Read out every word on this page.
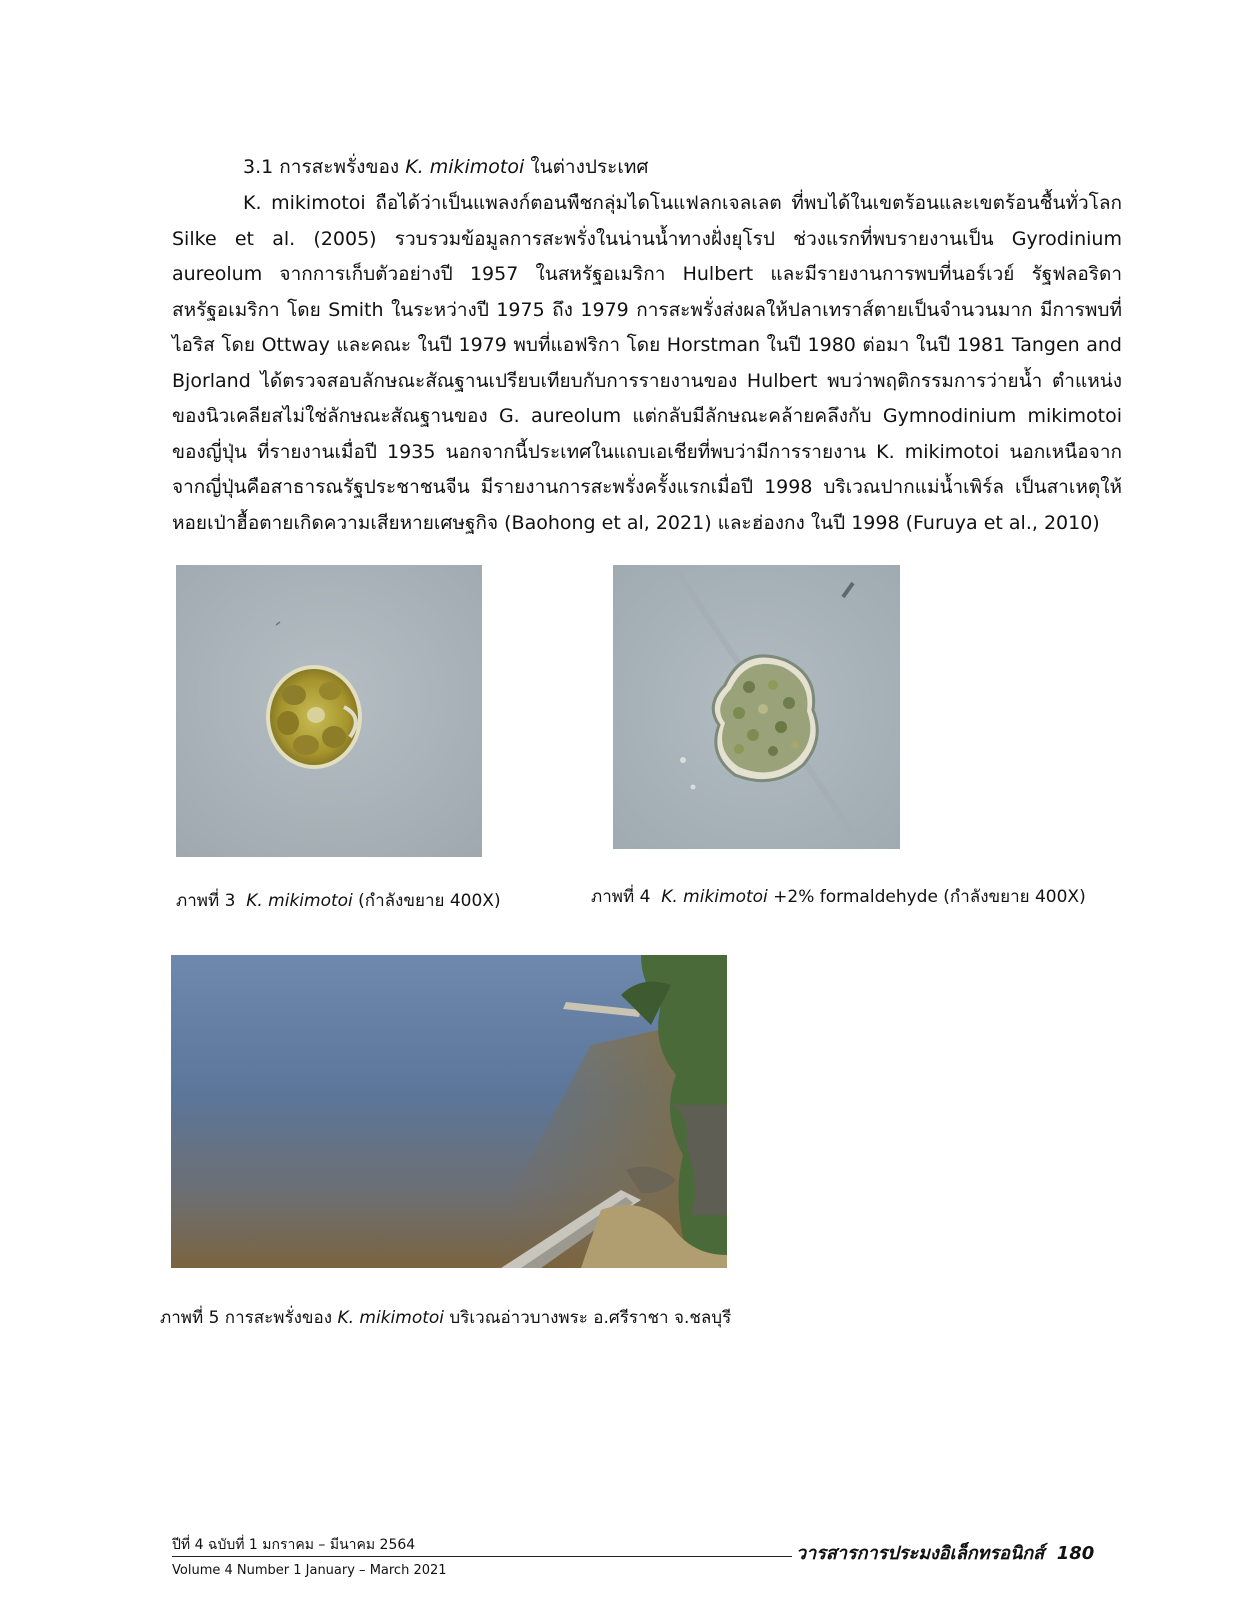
3.1 การสะพรั่งของ K. mikimotoi ในต่างประเทศ
K. mikimotoi ถือได้ว่าเป็นแพลงก์ตอนพืชกลุ่มไดโนแฟลกเจลเลต ที่พบได้ในเขตร้อนและเขตร้อนชื้นทั่วโลก Silke et al. (2005) รวบรวมข้อมูลการสะพรั่งในน่านน้ำทางฝั่งยุโรป ช่วงแรกที่พบรายงานเป็น Gyrodinium aureolum จากการเก็บตัวอย่างปี 1957 ในสหรัฐอเมริกา Hulbert และมีรายงานการพบที่นอร์เวย์ รัฐฟลอริดา สหรัฐอเมริกา โดย Smith ในระหว่างปี 1975 ถึง 1979 การสะพรั่งส่งผลให้ปลาเทราส์ตายเป็นจำนวนมาก มีการพบที่ไอริส โดย Ottway และคณะ ในปี 1979 พบที่แอฟริกา โดย Horstman ในปี 1980 ต่อมา ในปี 1981 Tangen and Bjorland ได้ตรวจสอบลักษณะสัณฐานเปรียบเทียบกับการรายงานของ Hulbert พบว่าพฤติกรรมการว่ายน้ำ ตำแหน่งของนิวเคลียสไม่ใช่ลักษณะสัณฐานของ G. aureolum แต่กลับมีลักษณะคล้ายคลึงกับ Gymnodinium mikimotoi ของญี่ปุ่น ที่รายงานเมื่อปี 1935 นอกจากนี้ประเทศในแถบเอเชียที่พบว่ามีการรายงาน K. mikimotoi นอกเหนือจากจากญี่ปุ่นคือสาธารณรัฐประชาชนจีน มีรายงานการสะพรั่งครั้งแรกเมื่อปี 1998 บริเวณปากแม่น้ำเพิร์ล เป็นสาเหตุให้หอยเป่าฮื้อตายเกิดความเสียหายเศษฐกิจ (Baohong et al, 2021) และฮ่องกง ในปี 1998 (Furuya et al., 2010)
ภาพที่ 3 K. mikimotoi (กำลังขยาย 400X)	ภาพที่ 4 K. mikimotoi +2% formaldehyde (กำลังขยาย 400X)
ภาพที่ 5 การสะพรั่งของ K. mikimotoi บริเวณอ่าวบางพระ อ.ศรีราชา จ.ชลบุรี
ปีที่ 4 ฉบับที่ 1 มกราคม – มีนาคม 2564
Volume 4 Number 1 January – March 2021
วารสารการประมงอิเล็กทรอนิกส์ 180
